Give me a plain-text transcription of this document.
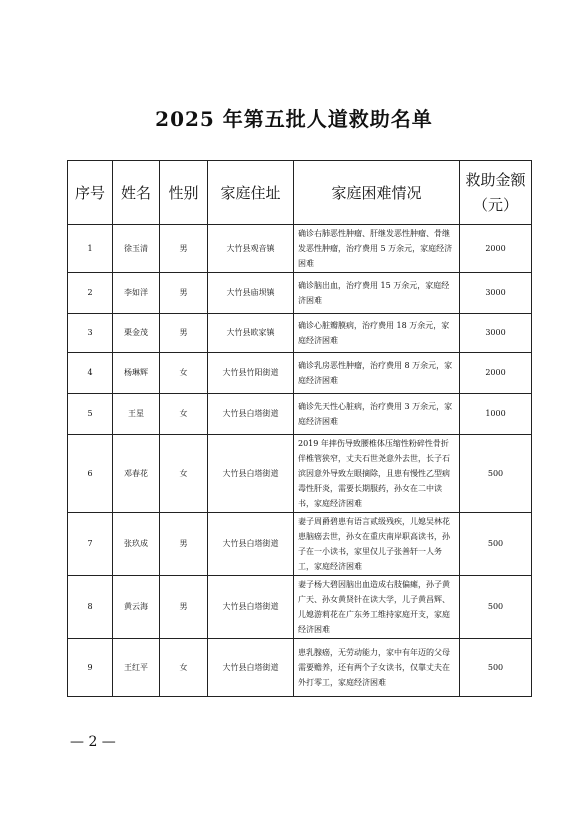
2025 年第五批人道救助名单
序号	姓名	性别	家庭住址	家庭困难情况	救助金额
（元）

1	徐玉清	男	大竹县观音镇	确诊右肺恶性肿瘤、肝继发恶性肿瘤、骨继发恶性肿瘤，治疗费用 5 万余元，家庭经济困难	2000
2	李如洋	男	大竹县庙坝镇	确诊脑出血，治疗费用 15 万余元，家庭经济困难	3000
3	栗金茂	男	大竹县欧家镇	确诊心脏瓣膜病，治疗费用 18 万余元，家庭经济困难	3000
4	杨琳辉	女	大竹县竹阳街道	确诊乳房恶性肿瘤，治疗费用 8 万余元，家庭经济困难	2000
5	王星	女	大竹县白塔街道	确诊先天性心脏病，治疗费用 3 万余元，家庭经济困难	1000
6	邓春花	女	大竹县白塔街道	2019 年摔伤导致腰椎体压缩性粉碎性骨折伴椎管狭窄，丈夫石世尧意外去世，长子石滨因意外导致左眼摘除，且患有慢性乙型病毒性肝炎，需要长期服药，孙女在二中读书，家庭经济困难	500
7	张玖成	男	大竹县白塔街道	妻子周爵碧患有语言贰级残疾，儿媳吴林花患脑癌去世，孙女在重庆南岸职高读书，孙子在一小读书，家里仅儿子张善轩一人务工，家庭经济困难	500
8	黄云海	男	大竹县白塔街道	妻子杨大碧因脑出血造成右肢偏瘫，孙子黄广天、孙女黄贤针在读大学，儿子黄昌辉、儿媳游莉花在广东务工维持家庭开支，家庭经济困难	500
9	王红平	女	大竹县白塔街道	患乳腺癌，无劳动能力，家中有年迈的父母需要赡养，还有两个子女读书，仅靠丈夫在外打零工，家庭经济困难	500
— 2 —
